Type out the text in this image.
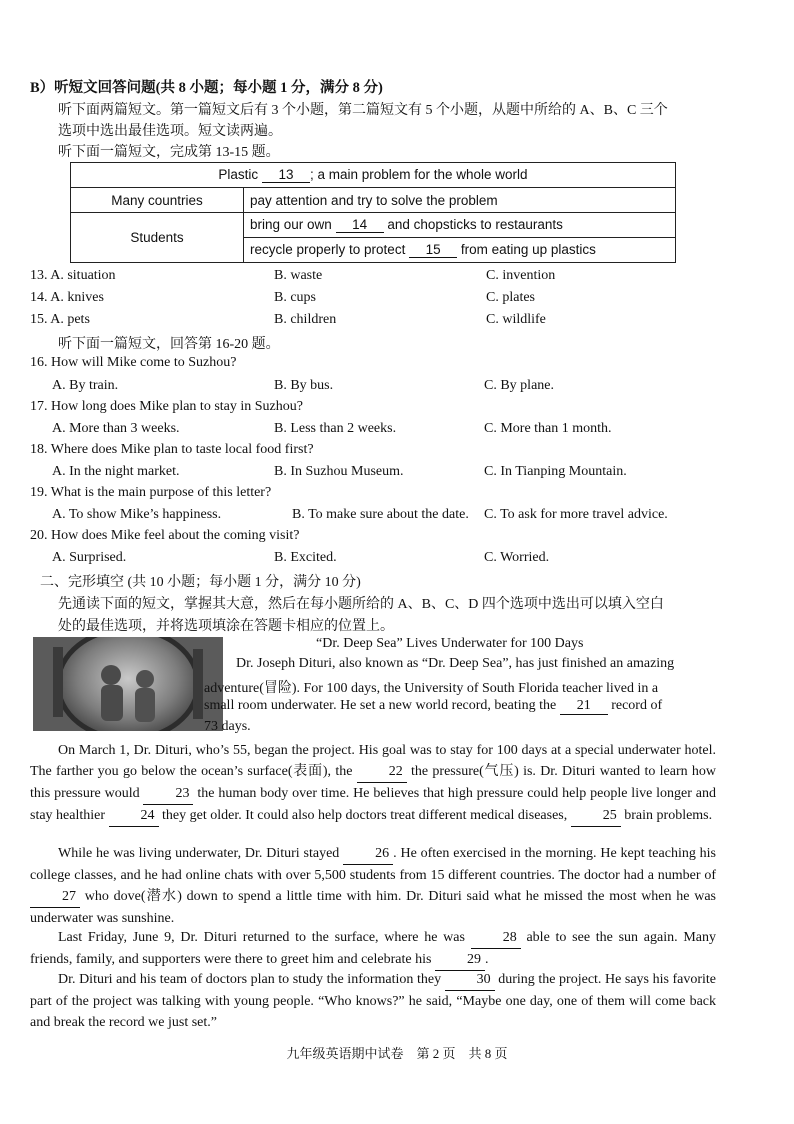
B）听短文回答问题(共 8 小题；每小题 1 分，满分 8 分)
听下面两篇短文。第一篇短文后有 3 个小题，第二篇短文有 5 个小题，从题中所给的 A、B、C 三个
选项中选出最佳选项。短文读两遍。
听下面一篇短文，完成第 13-15 题。
Plastic 13 ; a main problem for the whole world	
Many countries	pay attention and try to solve the problem
Students	bring our own 14 and chopsticks to restaurants
	recycle properly to protect 15 from eating up plastics
13. A. situation	B. waste	C. invention
14. A. knives	B. cups	C. plates
15. A. pets	B. children	C. wildlife
听下面一篇短文，回答第 16-20 题。
16. How will Mike come to Suzhou?
A. By train.	B. By bus.	C. By plane.
17. How long does Mike plan to stay in Suzhou?
A. More than 3 weeks.	B. Less than 2 weeks.	C. More than 1 month.
18. Where does Mike plan to taste local food first?
A. In the night market.	B. In Suzhou Museum.	C. In Tianping Mountain.
19. What is the main purpose of this letter?
A. To show Mike’s happiness.	B. To make sure about the date. C. To ask for more travel advice.
20. How does Mike feel about the coming visit?
A. Surprised.	B. Excited.	C. Worried.
二、完形填空 (共 10 小题；每小题 1 分，满分 10 分)
先通读下面的短文，掌握其大意，然后在每小题所给的 A、B、C、D 四个选项中选出可以填入空白
处的最佳选项，并将选项填涂在答题卡相应的位置上。
“Dr. Deep Sea” Lives Underwater for 100 Days
Dr. Joseph Dituri, also known as “Dr. Deep Sea”, has just finished an amazing
adventure(冒险). For 100 days, the University of South Florida teacher lived in a
small room underwater. He set a new world record, beating the 21 record of
73 days.
On March 1, Dr. Dituri, who’s 55, began the project. His goal was to stay for 100 days at a special underwater hotel. The farther you go below the ocean’s surface(表面), the	22 the pressure(气压) is. Dr. Dituri wanted to learn how this pressure would	23 the human body over time. He believes that high pressure could help people live longer and stay healthier	24 they get older. It could also help doctors treat different medical diseases,	25 brain problems.
While he was living underwater, Dr. Dituri stayed	26 . He often exercised in the morning. He kept teaching his college classes, and he had online chats with over 5,500 students from 15 different countries. The doctor had a number of 27 who dove(潜水) down to spend a little time with him. Dr. Dituri said what he missed the most when he was underwater was sunshine.
Last Friday, June 9, Dr. Dituri returned to the surface, where he was	28 able to see the sun again. Many friends, family, and supporters were there to greet him and celebrate his	29 .
Dr. Dituri and his team of doctors plan to study the information they	30 during the project. He says his favorite part of the project was talking with young people. “Who knows?” he said, “Maybe one day, one of them will come back and break the record we just set.”
九年级英语期中试卷　第 2 页　共 8 页
